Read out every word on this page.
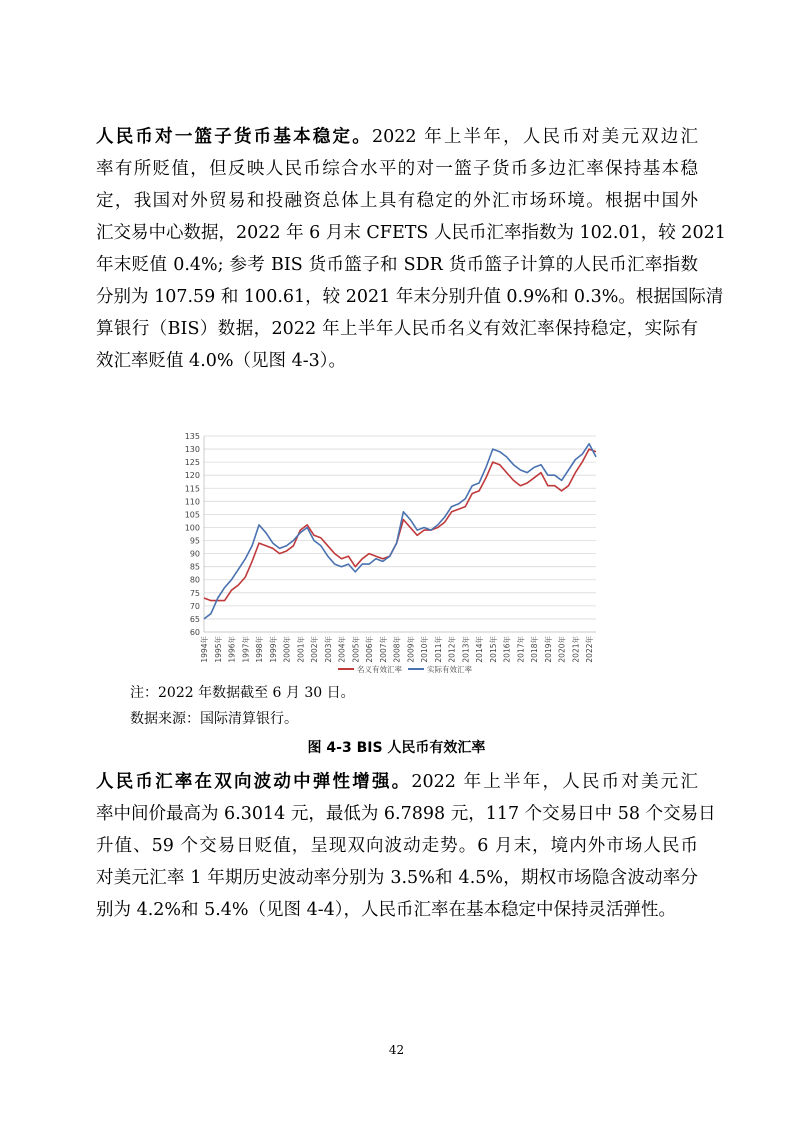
人民币对一篮子货币基本稳定。2022 年上半年，人民币对美元双边汇
率有所贬值，但反映人民币综合水平的对一篮子货币多边汇率保持基本稳
定，我国对外贸易和投融资总体上具有稳定的外汇市场环境。根据中国外
汇交易中心数据，2022 年 6 月末 CFETS 人民币汇率指数为 102.01，较 2021
年末贬值 0.4%; 参考 BIS 货币篮子和 SDR 货币篮子计算的人民币汇率指数
分别为 107.59 和 100.61，较 2021 年末分别升值 0.9%和 0.3%。根据国际清
算银行（BIS）数据，2022 年上半年人民币名义有效汇率保持稳定，实际有
效汇率贬值 4.0%（见图 4-3）。

60
65
70
75
80
85
90
95
100
105
110
115
120
125
130
135
1994年 1995年 1996年 1997年 1998年 1999年 2000年 2001年 2002年 2003年 2004年 2005年 2006年 2007年 2008年 2009年 2010年 2011年 2012年 2013年 2014年 2015年 2016年 2017年 2018年 2019年 2020年 2021年 2022年
名义有效汇率	实际有效汇率
注：2022 年数据截至 6 月 30 日。
数据来源：国际清算银行。
图 4-3 BIS 人民币有效汇率

人民币汇率在双向波动中弹性增强。2022 年上半年，人民币对美元汇
率中间价最高为 6.3014 元，最低为 6.7898 元，117 个交易日中 58 个交易日
升值、59 个交易日贬值，呈现双向波动走势。6 月末，境内外市场人民币
对美元汇率 1 年期历史波动率分别为 3.5%和 4.5%，期权市场隐含波动率分
别为 4.2%和 5.4%（见图 4-4），人民币汇率在基本稳定中保持灵活弹性。

42
